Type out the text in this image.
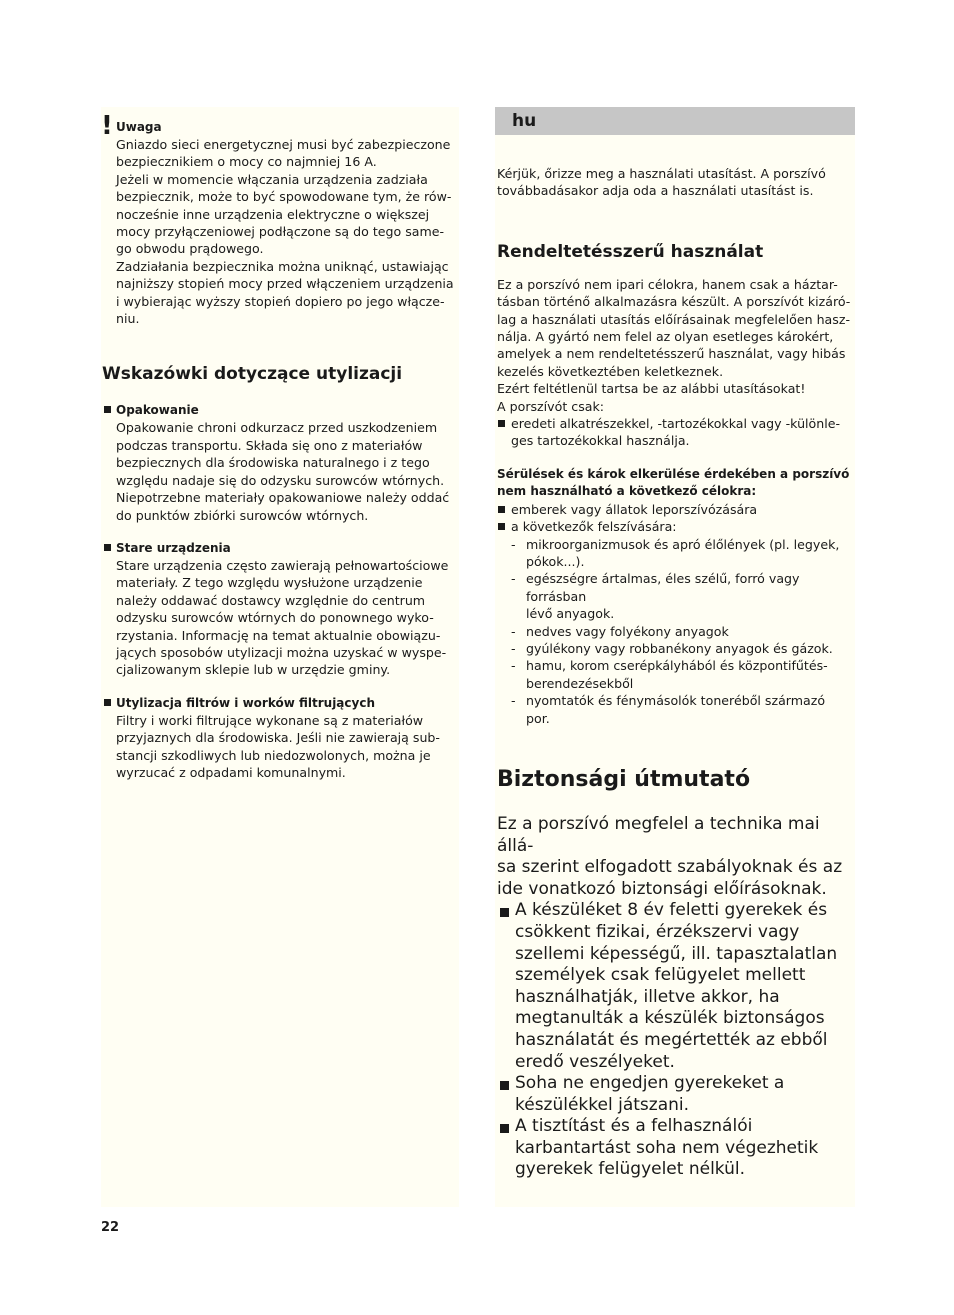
! Uwaga
Gniazdo sieci energetycznej musi być zabezpieczone
bezpiecznikiem o mocy co najmniej 16 A.
Jeżeli w momencie włączania urządzenia zadziała
bezpiecznik, może to być spowodowane tym, że rów-
nocześnie inne urządzenia elektryczne o większej
mocy przyłączeniowej podłączone są do tego same-
go obwodu prądowego.
Zadziałania bezpiecznika można uniknąć, ustawiając
najniższy stopień mocy przed włączeniem urządzenia
i wybierając wyższy stopień dopiero po jego włącze-
niu.
Wskazówki dotyczące utylizacji
Opakowanie
Opakowanie chroni odkurzacz przed uszkodzeniem
podczas transportu. Składa się ono z materiałów
bezpiecznych dla środowiska naturalnego i z tego
względu nadaje się do odzysku surowców wtórnych.
Niepotrzebne materiały opakowaniowe należy oddać
do punktów zbiórki surowców wtórnych.
Stare urządzenia
Stare urządzenia często zawierają pełnowartościowe
materiały. Z tego względu wysłużone urządzenie
należy oddawać dostawcy względnie do centrum
odzysku surowców wtórnych do ponownego wyko-
rzystania. Informację na temat aktualnie obowiązu-
jących sposobów utylizacji można uzyskać w wyspe-
cjalizowanym sklepie lub w urzędzie gminy.
Utylizacja filtrów i worków filtrujących
Filtry i worki filtrujące wykonane są z materiałów
przyjaznych dla środowiska. Jeśli nie zawierają sub-
stancji szkodliwych lub niedozwolonych, można je
wyrzucać z odpadami komunalnymi.
hu
Kérjük, őrizze meg a használati utasítást. A porszívó
továbbadásakor adja oda a használati utasítást is.
Rendeltetésszerű használat
Ez a porszívó nem ipari célokra, hanem csak a háztar-
tásban történő alkalmazásra készült. A porszívót kizáró-
lag a használati utasítás előírásainak megfelelően hasz-
nálja. A gyártó nem felel az olyan esetleges károkért,
amelyek a nem rendeltetésszerű használat, vagy hibás
kezelés következtében keletkeznek.
Ezért feltétlenül tartsa be az alábbi utasításokat!
A porszívót csak:
eredeti alkatrészekkel, -tartozékokkal vagy -különle-
ges tartozékokkal használja.
Sérülések és károk elkerülése érdekében a porszívó
nem használható a következő célokra:
emberek vagy állatok leporszívózására
a következők felszívására:
- mikroorganizmusok és apró élőlények (pl. legyek,
pókok...).
- egészségre ártalmas, éles szélű, forró vagy
forrásban
lévő anyagok.
- nedves vagy folyékony anyagok
- gyúlékony vagy robbanékony anyagok és gázok.
- hamu, korom cserépkályhából és központifűtés-
berendezésekből
- nyomtatók és fénymásolók toneréből származó
por.
Biztonsági útmutató
Ez a porszívó megfelel a technika mai állá-
sa szerint elfogadott szabályoknak és az
ide vonatkozó biztonsági előírásoknak.
A készüléket 8 év feletti gyerekek és
csökkent fizikai, érzékszervi vagy
szellemi képességű, ill. tapasztalatlan
személyek csak felügyelet mellett
használhatják, illetve akkor, ha
megtanulták a készülék biztonságos
használatát és megértették az ebből
eredő veszélyeket.
Soha ne engedjen gyerekeket a
készülékkel játszani.
A tisztítást és a felhasználói
karbantartást soha nem végezhetik
gyerekek felügyelet nélkül.
22
